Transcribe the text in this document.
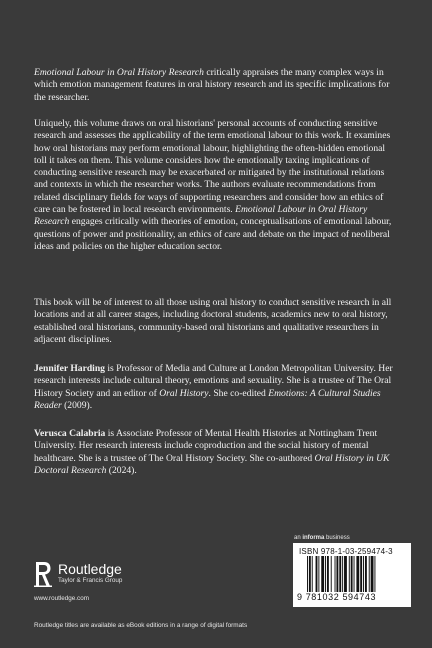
Emotional Labour in Oral History Research critically appraises the many complex ways in which emotion management features in oral history research and its specific implications for the researcher.

Uniquely, this volume draws on oral historians' personal accounts of conducting sensitive research and assesses the applicability of the term emotional labour to this work. It examines how oral historians may perform emotional labour, highlighting the often-hidden emotional toll it takes on them. This volume considers how the emotionally taxing implications of conducting sensitive research may be exacerbated or mitigated by the institutional relations and contexts in which the researcher works. The authors evaluate recommendations from related disciplinary fields for ways of supporting researchers and consider how an ethics of care can be fostered in local research environments. Emotional Labour in Oral History Research engages critically with theories of emotion, conceptualisations of emotional labour, questions of power and positionality, an ethics of care and debate on the impact of neoliberal ideas and policies on the higher education sector.

This book will be of interest to all those using oral history to conduct sensitive research in all locations and at all career stages, including doctoral students, academics new to oral history, established oral historians, community-based oral historians and qualitative researchers in adjacent disciplines.

Jennifer Harding is Professor of Media and Culture at London Metropolitan University. Her research interests include cultural theory, emotions and sexuality. She is a trustee of The Oral History Society and an editor of Oral History. She co-edited Emotions: A Cultural Studies Reader (2009).

Verusca Calabria is Associate Professor of Mental Health Histories at Nottingham Trent University. Her research interests include coproduction and the social history of mental healthcare. She is a trustee of The Oral History Society. She co-authored Oral History in UK Doctoral Research (2024).

an informa business
ISBN 978-1-03-259474-3
9 781032 594743
Routledge
Taylor & Francis Group
www.routledge.com
Routledge titles are available as eBook editions in a range of digital formats
